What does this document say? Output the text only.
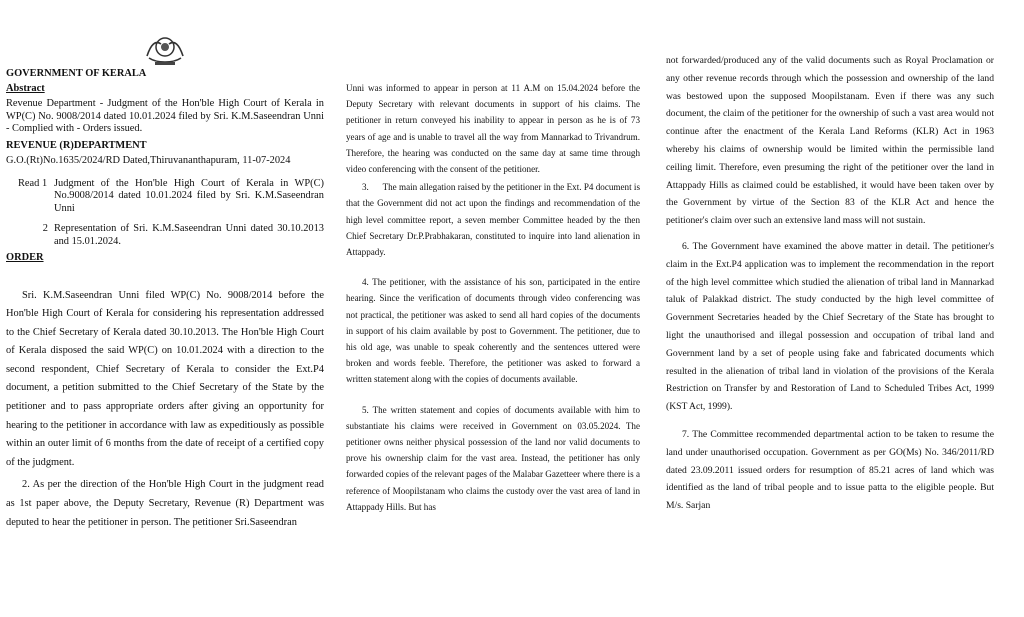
GOVERNMENT OF KERALA

Abstract

Revenue Department - Judgment of the Hon'ble High Court of Kerala in WP(C) No. 9008/2014 dated 10.01.2024 filed by Sri. K.M.Saseendran Unni - Complied with - Orders issued.

REVENUE (R)DEPARTMENT

G.O.(Rt)No.1635/2024/RD Dated,Thiruvananthapuram, 11-07-2024

Read 1 Judgment of the Hon'ble High Court of Kerala in WP(C) No.9008/2014 dated 10.01.2024 filed by Sri. K.M.Saseendran Unni
2 Representation of Sri. K.M.Saseendran Unni dated 30.10.2013 and 15.01.2024.

ORDER

Sri. K.M.Saseendran Unni filed WP(C) No. 9008/2014 before the Hon'ble High Court of Kerala for considering his representation addressed to the Chief Secretary of Kerala dated 30.10.2013. The Hon'ble High Court of Kerala disposed the said WP(C) on 10.01.2024 with a direction to the second respondent, Chief Secretary of Kerala to consider the Ext.P4 document, a petition submitted to the Chief Secretary of the State by the petitioner and to pass appropriate orders after giving an opportunity for hearing to the petitioner in accordance with law as expeditiously as possible within an outer limit of 6 months from the date of receipt of a certified copy of the judgment.

2. As per the direction of the Hon'ble High Court in the judgment read as 1st paper above, the Deputy Secretary, Revenue (R) Department was deputed to hear the petitioner in person. The petitioner Sri.Saseendran

Unni was informed to appear in person at 11 A.M on 15.04.2024 before the Deputy Secretary with relevant documents in support of his claims. The petitioner in return conveyed his inability to appear in person as he is of 73 years of age and is unable to travel all the way from Mannarkad to Trivandrum. Therefore, the hearing was conducted on the same day at same time through video conferencing with the consent of the petitioner.

3.      The main allegation raised by the petitioner in the Ext. P4 document is that the Government did not act upon the findings and recommendation of the high level committee report, a seven member Committee headed by the then Chief Secretary Dr.P.Prabhakaran, constituted to inquire into land alienation in Attappady.

4. The petitioner, with the assistance of his son, participated in the entire hearing. Since the verification of documents through video conferencing was not practical, the petitioner was asked to send all hard copies of the documents in support of his claim available by post to Government. The petitioner, due to his old age, was unable to speak coherently and the sentences uttered were broken and words feeble. Therefore, the petitioner was asked to forward a written statement along with the copies of documents available.

5. The written statement and copies of documents available with him to substantiate his claims were received in Government on 03.05.2024. The petitioner owns neither physical possession of the land nor valid documents to prove his ownership claim for the vast area. Instead, the petitioner has only forwarded copies of the relevant pages of the Malabar Gazetteer where there is a reference of Moopilstanam who claims the custody over the vast area of land in Attappady Hills. But has

not forwarded/produced any of the valid documents such as Royal Proclamation or any other revenue records through which the possession and ownership of the land was bestowed upon the supposed Moopilstanam. Even if there was any such document, the claim of the petitioner for the ownership of such a vast area would not continue after the enactment of the Kerala Land Reforms (KLR) Act in 1963 whereby his claims of ownership would be limited within the permissible land ceiling limit. Therefore, even presuming the right of the petitioner over the land in Attappady Hills as claimed could be established, it would have been taken over by the Government by virtue of the Section 83 of the KLR Act and hence the petitioner's claim over such an extensive land mass will not sustain.

6. The Government have examined the above matter in detail. The petitioner's claim in the Ext.P4 application was to implement the recommendation in the report of the high level committee which studied the alienation of tribal land in Mannarkad taluk of Palakkad district. The study conducted by the high level committee of Government Secretaries headed by the Chief Secretary of the State has brought to light the unauthorised and illegal possession and occupation of tribal land and Government land by a set of people using fake and fabricated documents which resulted in the alienation of tribal land in violation of the provisions of the Kerala Restriction on Transfer by and Restoration of Land to Scheduled Tribes Act, 1999 (KST Act, 1999).

7. The Committee recommended departmental action to be taken to resume the land under unauthorised occupation. Government as per GO(Ms) No. 346/2011/RD dated 23.09.2011 issued orders for resumption of 85.21 acres of land which was identified as the land of tribal people and to issue patta to the eligible people. But M/s. Sarjan
